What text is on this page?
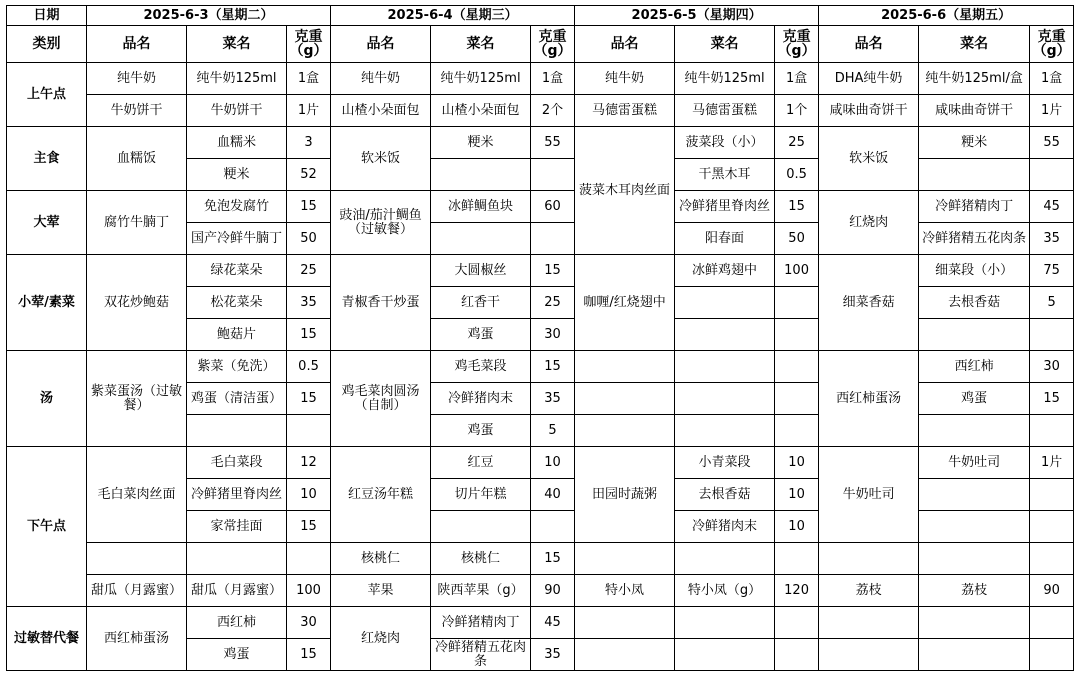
日期	2025-6-3（星期二）			2025-6-4（星期三）			2025-6-5（星期四）			2025-6-6（星期五）		
类别	品名	菜名	克重（g）	品名	菜名	克重（g）	品名	菜名	克重（g）	品名	菜名	克重（g）
上午点	纯牛奶	纯牛奶125ml	1盒	纯牛奶	纯牛奶125ml	1盒	纯牛奶	纯牛奶125ml	1盒	DHA纯牛奶	纯牛奶125ml/盒	1盒
	牛奶饼干	牛奶饼干	1片	山楂小朵面包	山楂小朵面包	2个	马德雷蛋糕	马德雷蛋糕	1个	咸味曲奇饼干	咸味曲奇饼干	1片
主食	血糯饭	血糯米	3	软米饭	粳米	55	菠菜木耳肉丝面	菠菜段（小）	25	软米饭	粳米	55
		粳米	52					干黑木耳	0.5			
大荤	腐竹牛腩丁	免泡发腐竹	15	豉油/茄汁鲷鱼（过敏餐）	冰鲜鲷鱼块	60		冷鲜猪里脊肉丝	15	红烧肉	冷鲜猪精肉丁	45
		国产冷鲜牛腩丁	50					阳春面	50		冷鲜猪精五花肉条	35
小荤/素菜	双花炒鲍菇	绿花菜朵	25	青椒香干炒蛋	大圆椒丝	15	咖喱/红烧翅中	冰鲜鸡翅中	100	细菜香菇	细菜段（小）	75
		松花菜朵	35		红香干	25					去根香菇	5
		鲍菇片	15		鸡蛋	30						
汤	紫菜蛋汤（过敏餐）	紫菜（免洗）	0.5	鸡毛菜肉圆汤（自制）	鸡毛菜段	15				西红柿蛋汤	西红柿	30
		鸡蛋（清洁蛋）	15		冷鲜猪肉末	35					鸡蛋	15
					鸡蛋	5						
下午点	毛白菜肉丝面	毛白菜段	12	红豆汤年糕	红豆	10	田园时蔬粥	小青菜段	10	牛奶吐司	牛奶吐司	1片
		冷鲜猪里脊肉丝	10		切片年糕	40		去根香菇	10			
		家常挂面	15					冷鲜猪肉末	10			
				核桃仁	核桃仁	15						
	甜瓜（月露蜜）	甜瓜（月露蜜）	100	苹果	陕西苹果（g）	90	特小凤	特小凤（g）	120	荔枝	荔枝	90
过敏替代餐	西红柿蛋汤	西红柿	30	红烧肉	冷鲜猪精肉丁	45						
		鸡蛋	15		冷鲜猪精五花肉条	35						
